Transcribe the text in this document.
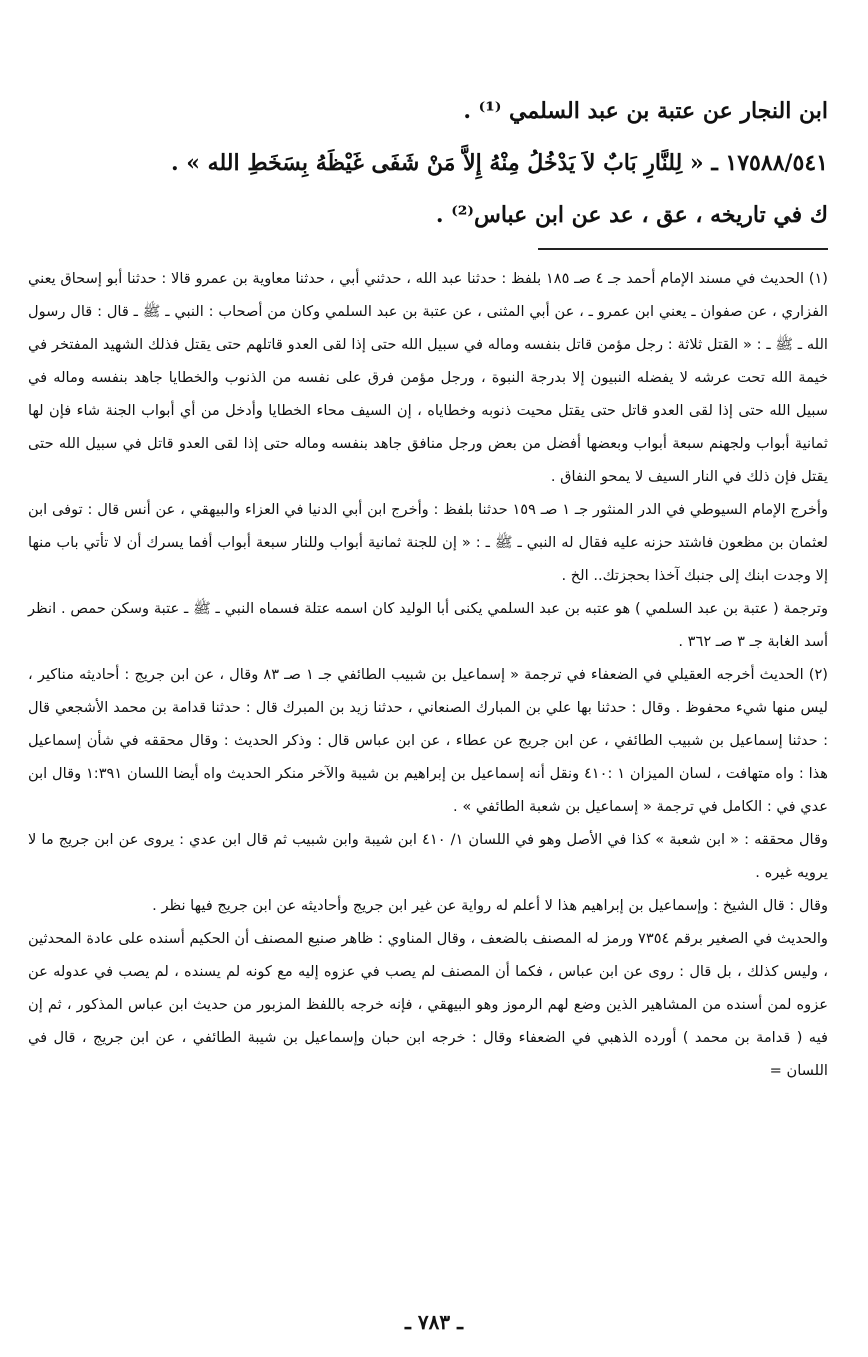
ابن النجار عن عتبة بن عبد السلمي ⁽¹⁾ .

١٧٥٨٨/٥٤١ ـ « لِلنَّارِ بَابٌ لاَ يَدْخُلُ مِنْهُ إِلاَّ مَنْ شَفَى غَيْظَهُ بِسَخَطِ الله » .

ك في تاريخه ، عق ، عد عن ابن عباس⁽²⁾ .

(١) الحديث في مسند الإمام أحمد جـ ٤ صـ ١٨٥ بلفظ : حدثنا عبد الله ، حدثني أبي ، حدثنا معاوية بن عمرو قالا : حدثنا أبو إسحاق يعني الفزاري ، عن صفوان ـ يعني ابن عمرو ـ ، عن أبي المثنى ، عن عتبة بن عبد السلمي وكان من أصحاب : النبي ـ ﷺ ـ قال : قال رسول الله ـ ﷺ ـ : « القتل ثلاثة : رجل مؤمن قاتل بنفسه وماله في سبيل الله حتى إذا لقى العدو قاتلهم حتى يقتل فذلك الشهيد المفتخر في خيمة الله تحت عرشه لا يفضله النبيون إلا بدرجة النبوة ، ورجل مؤمن فرق على نفسه من الذنوب والخطايا جاهد بنفسه وماله في سبيل الله حتى إذا لقى العدو قاتل حتى يقتل محيت ذنوبه وخطاياه ، إن السيف محاء الخطايا وأدخل من أي أبواب الجنة شاء فإن لها ثمانية أبواب ولجهنم سبعة أبواب وبعضها أفضل من بعض ورجل منافق جاهد بنفسه وماله حتى إذا لقى العدو قاتل في سبيل الله حتى يقتل فإن ذلك في النار السيف لا يمحو النفاق .

وأخرج الإمام السيوطي في الدر المنثور جـ ١ صـ ١٥٩ حدثنا بلفظ : وأخرج ابن أبي الدنيا في العزاء والبيهقي ، عن أنس قال : توفى ابن لعثمان بن مظعون فاشتد حزنه عليه فقال له النبي ـ ﷺ ـ : « إن للجنة ثمانية أبواب وللنار سبعة أبواب أفما يسرك أن لا تأتي باب منها إلا وجدت ابنك إلى جنبك آخذا بحجزتك.. الخ .

وترجمة ( عتبة بن عبد السلمي ) هو عتبه بن عبد السلمي يكنى أبا الوليد كان اسمه عتلة فسماه النبي ـ ﷺ ـ عتبة وسكن حمص . انظر أسد الغابة جـ ٣ صـ ٣٦٢ .

(٢) الحديث أخرجه العقيلي في الضعفاء في ترجمة « إسماعيل بن شبيب الطائفي جـ ١ صـ ٨٣ وقال ، عن ابن جريج : أحاديثه مناكير ، ليس منها شيء محفوظ . وقال : حدثنا بها علي بن المبارك الصنعاني ، حدثنا زيد بن المبرك قال : حدثنا قدامة بن محمد الأشجعي قال : حدثنا إسماعيل بن شبيب الطائفي ، عن ابن جريج عن عطاء ، عن ابن عباس قال : وذكر الحديث : وقال محققه في شأن إسماعيل هذا : واه متهافت ، لسان الميزان ١ :٤١٠ ونقل أنه إسماعيل بن إبراهيم بن شيبة والآخر منكر الحديث واه أيضا اللسان ١:٣٩١ وقال ابن عدي في : الكامل في ترجمة « إسماعيل بن شعبة الطائفي » .

وقال محققه : « ابن شعبة » كذا في الأصل وهو في اللسان ١/ ٤١٠ ابن شيبة وابن شبيب ثم قال ابن عدي : يروى عن ابن جريج ما لا يرويه غيره .

وقال : قال الشيخ : وإسماعيل بن إبراهيم هذا لا أعلم له رواية عن غير ابن جريج وأحاديثه عن ابن جريج فيها نظر .

والحديث في الصغير برقم ٧٣٥٤ ورمز له المصنف بالضعف ، وقال المناوي : ظاهر صنيع المصنف أن الحكيم أسنده على عادة المحدثين ، وليس كذلك ، بل قال : روى عن ابن عباس ، فكما أن المصنف لم يصب في عزوه إليه مع كونه لم يسنده ، لم يصب في عدوله عن عزوه لمن أسنده من المشاهير الذين وضع لهم الرموز وهو البيهقي ، فإنه خرجه باللفظ المزبور من حديث ابن عباس المذكور ، ثم إن فيه ( قدامة بن محمد ) أورده الذهبي في الضعفاء وقال : خرجه ابن حبان وإسماعيل بن شيبة الطائفي ، عن ابن جريج ، قال في اللسان =

ـ ٧٨٣ ـ
